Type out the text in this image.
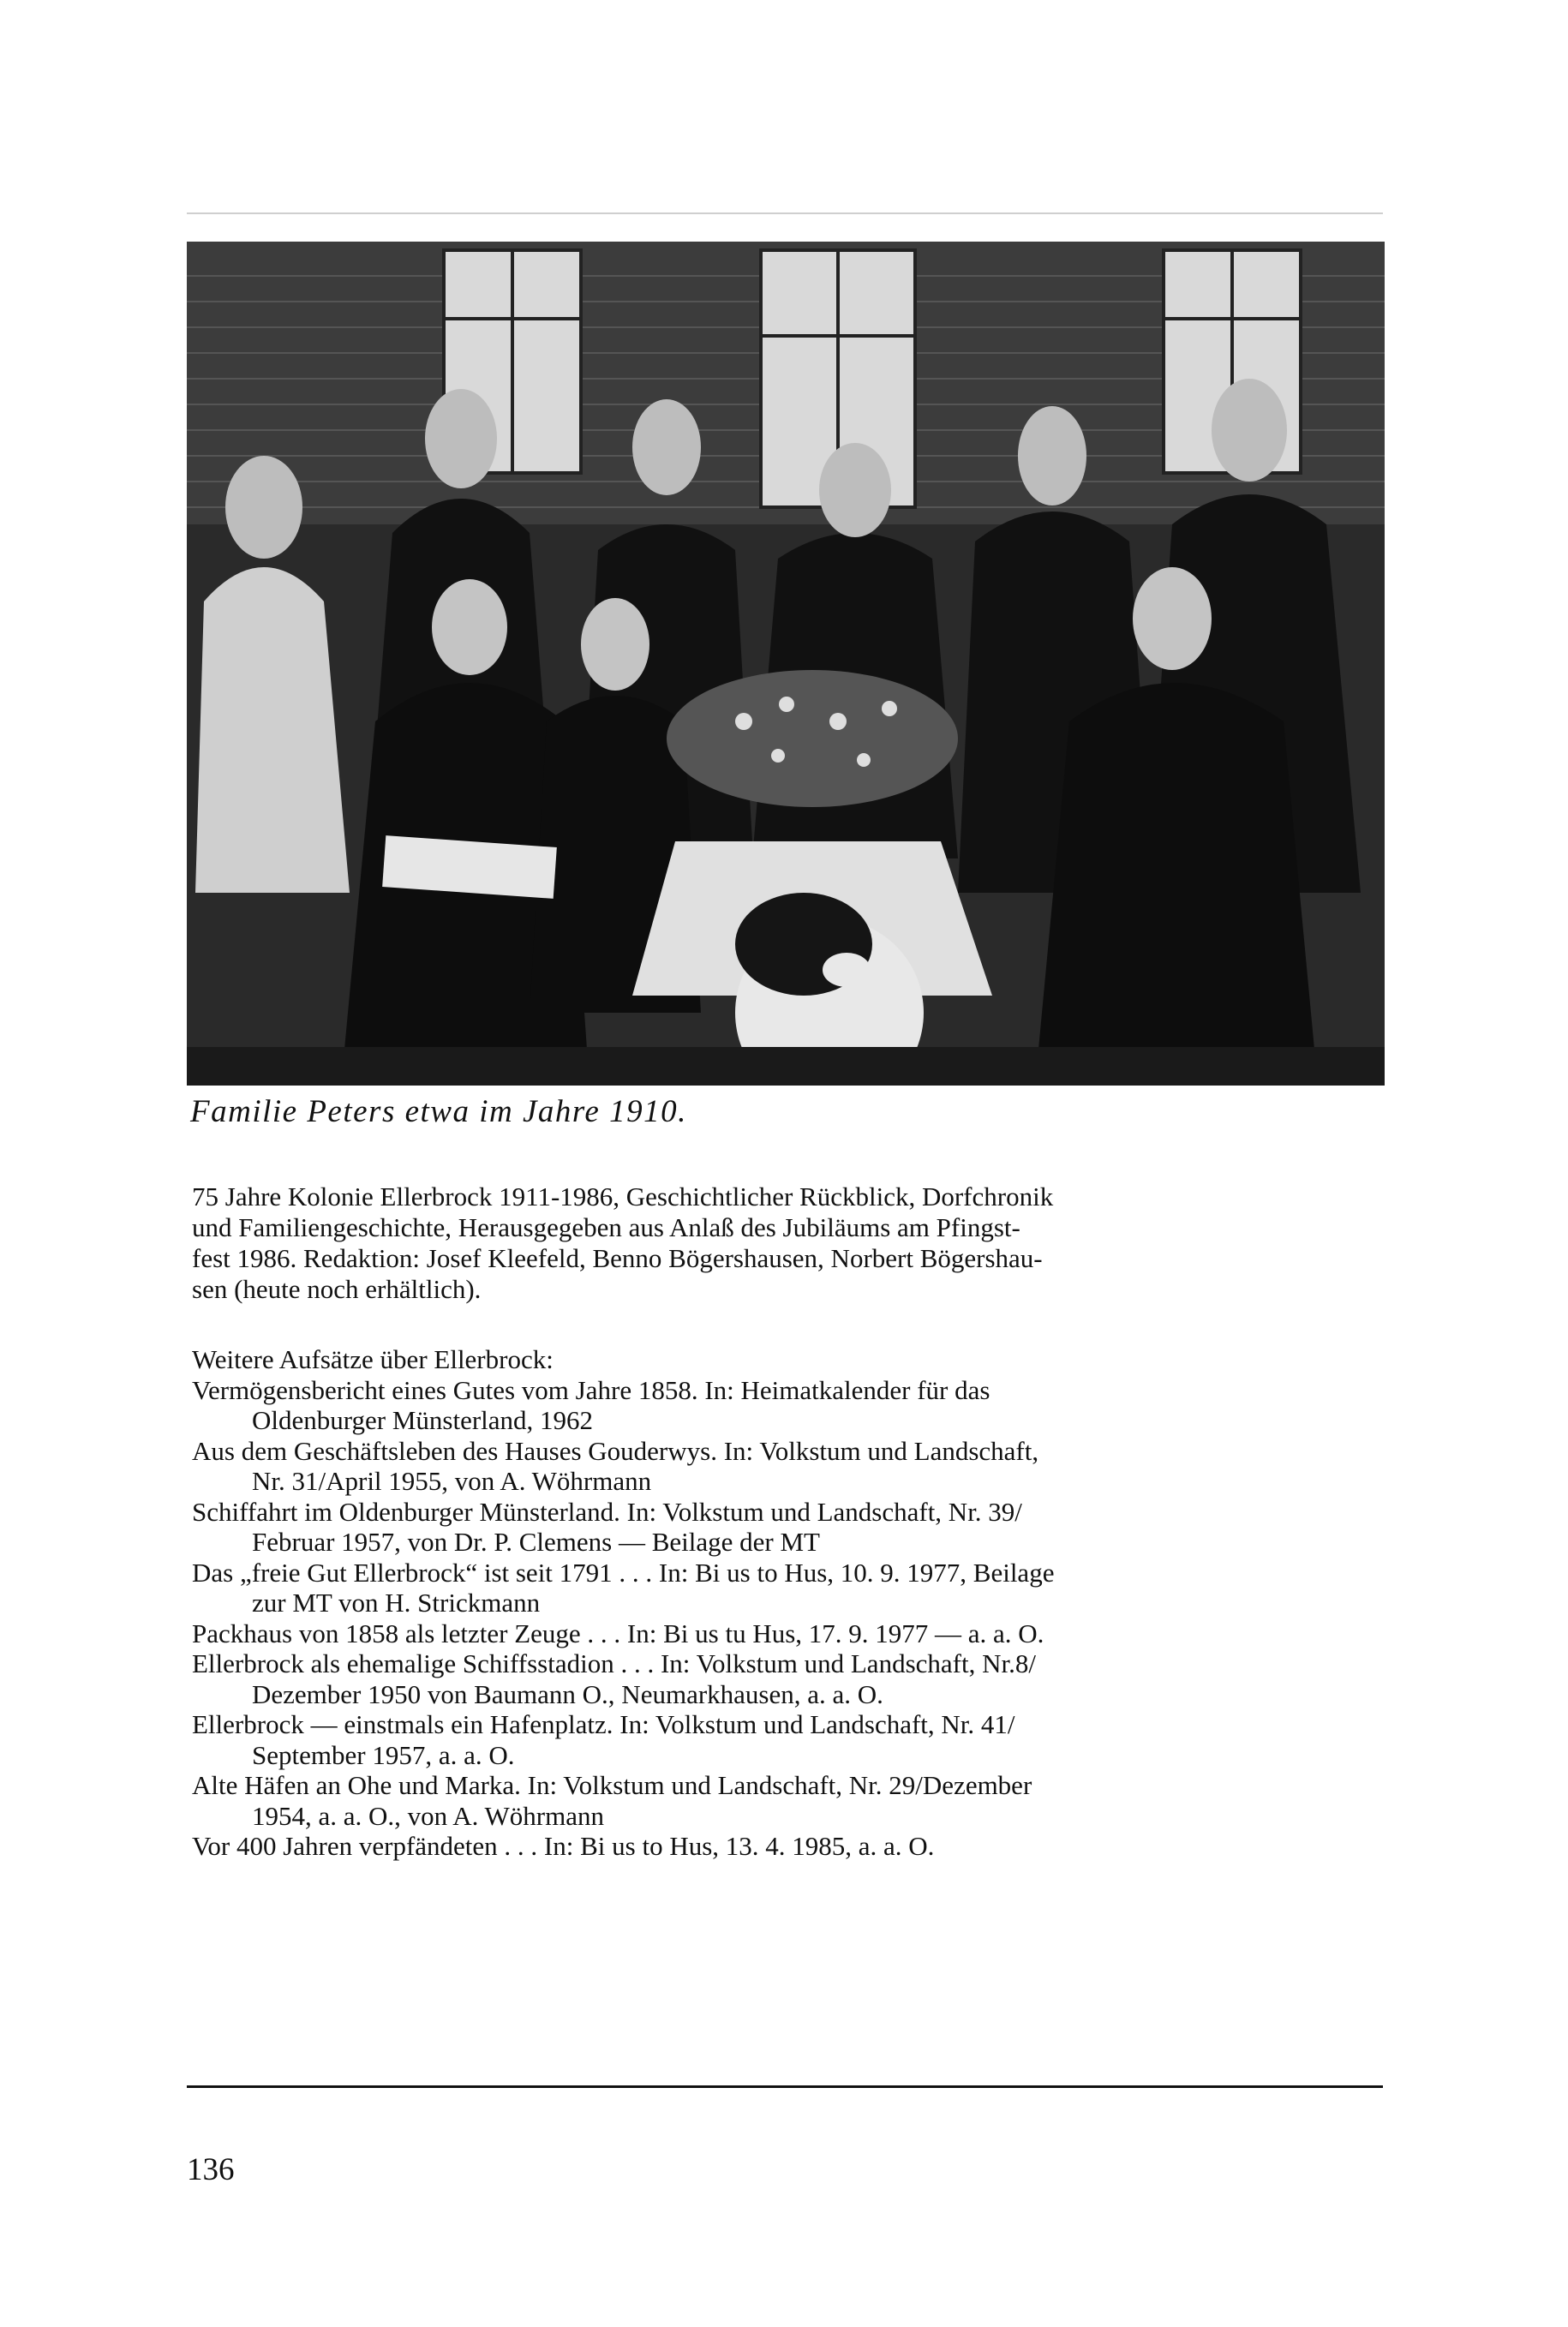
Familie Peters etwa im Jahre 1910.
75 Jahre Kolonie Ellerbrock 1911-1986, Geschichtlicher Rückblick, Dorfchronik
und Familiengeschichte, Herausgegeben aus Anlaß des Jubiläums am Pfingst-
fest 1986. Redaktion: Josef Kleefeld, Benno Bögershausen, Norbert Bögershau-
sen (heute noch erhältlich).
Weitere Aufsätze über Ellerbrock:
Vermögensbericht eines Gutes vom Jahre 1858. In: Heimatkalender für das
Oldenburger Münsterland, 1962
Aus dem Geschäftsleben des Hauses Gouderwys. In: Volkstum und Landschaft,
Nr. 31/April 1955, von A. Wöhrmann
Schiffahrt im Oldenburger Münsterland. In: Volkstum und Landschaft, Nr. 39/
Februar 1957, von Dr. P. Clemens — Beilage der MT
Das „freie Gut Ellerbrock“ ist seit 1791 . . . In: Bi us to Hus, 10. 9. 1977, Beilage
zur MT von H. Strickmann
Packhaus von 1858 als letzter Zeuge . . . In: Bi us tu Hus, 17. 9. 1977 — a. a. O.
Ellerbrock als ehemalige Schiffsstadion . . . In: Volkstum und Landschaft, Nr.8/
Dezember 1950 von Baumann O., Neumarkhausen, a. a. O.
Ellerbrock — einstmals ein Hafenplatz. In: Volkstum und Landschaft, Nr. 41/
September 1957, a. a. O.
Alte Häfen an Ohe und Marka. In: Volkstum und Landschaft, Nr. 29/Dezember
1954, a. a. O., von A. Wöhrmann
Vor 400 Jahren verpfändeten . . . In: Bi us to Hus, 13. 4. 1985, a. a. O.
136
